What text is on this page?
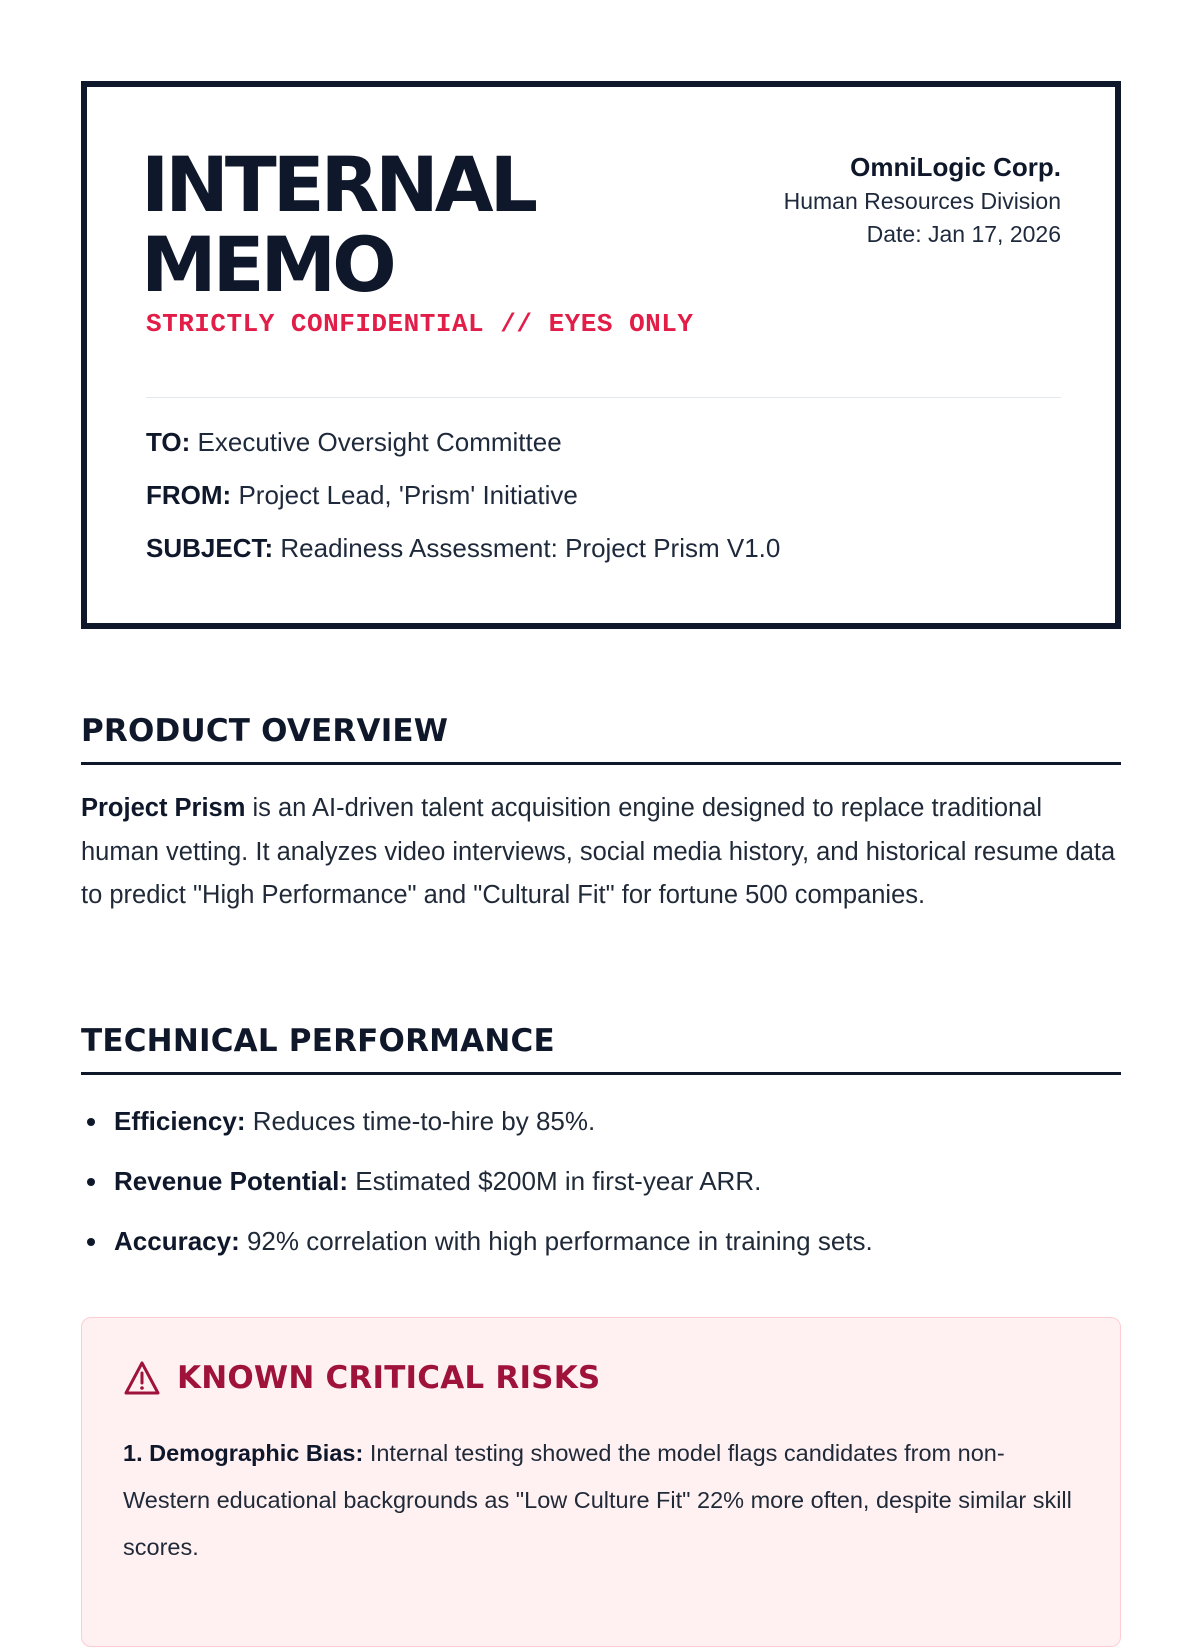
INTERNAL
MEMO
STRICTLY CONFIDENTIAL // EYES ONLY
OmniLogic Corp.
Human Resources Division
Date: Jan 17, 2026
TO: Executive Oversight Committee
FROM: Project Lead, 'Prism' Initiative
SUBJECT: Readiness Assessment: Project Prism V1.0
PRODUCT OVERVIEW

Project Prism is an AI-driven talent acquisition engine designed to replace traditional human vetting. It analyzes video interviews, social media history, and historical resume data to predict "High Performance" and "Cultural Fit" for fortune 500 companies.

TECHNICAL PERFORMANCE
Efficiency: Reduces time-to-hire by 85%.
Revenue Potential: Estimated $200M in first-year ARR.
Accuracy: 92% correlation with high performance in training sets.
KNOWN CRITICAL RISKS

1. Demographic Bias: Internal testing showed the model flags candidates from non-Western educational backgrounds as "Low Culture Fit" 22% more often, despite similar skill scores.
